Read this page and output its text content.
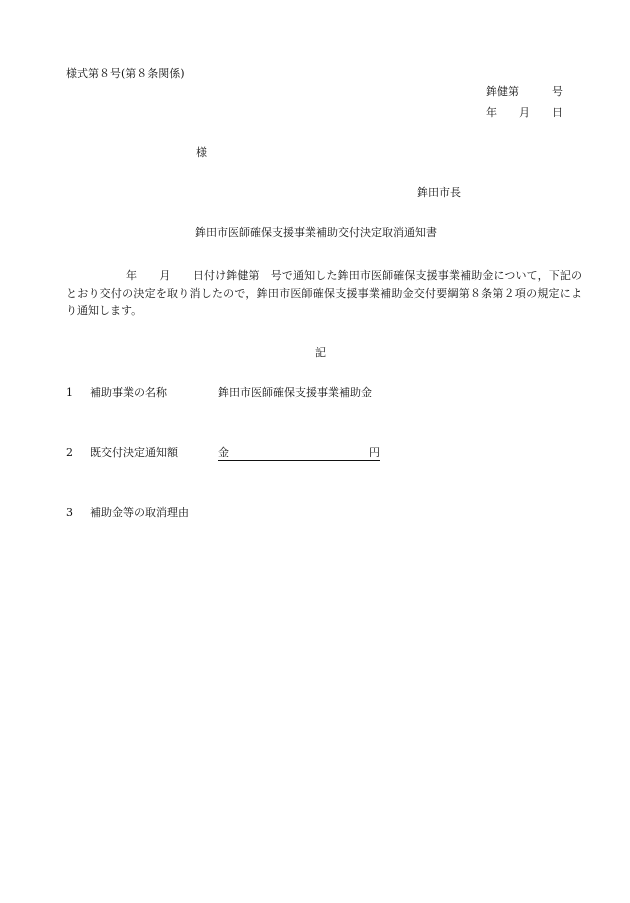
様式第８号(第８条関係)
鉾健第　　　号
年　　月　　日
様
鉾田市長
鉾田市医師確保支援事業補助交付決定取消通知書
年　　月　　日付け鉾健第　号で通知した鉾田市医師確保支援事業補助金について，下記のとおり交付の決定を取り消したので，鉾田市医師確保支援事業補助金交付要綱第８条第２項の規定により通知します。
記
1 補助事業の名称	鉾田市医師確保支援事業補助金
2 既交付決定通知額	金	円

3 補助金等の取消理由
